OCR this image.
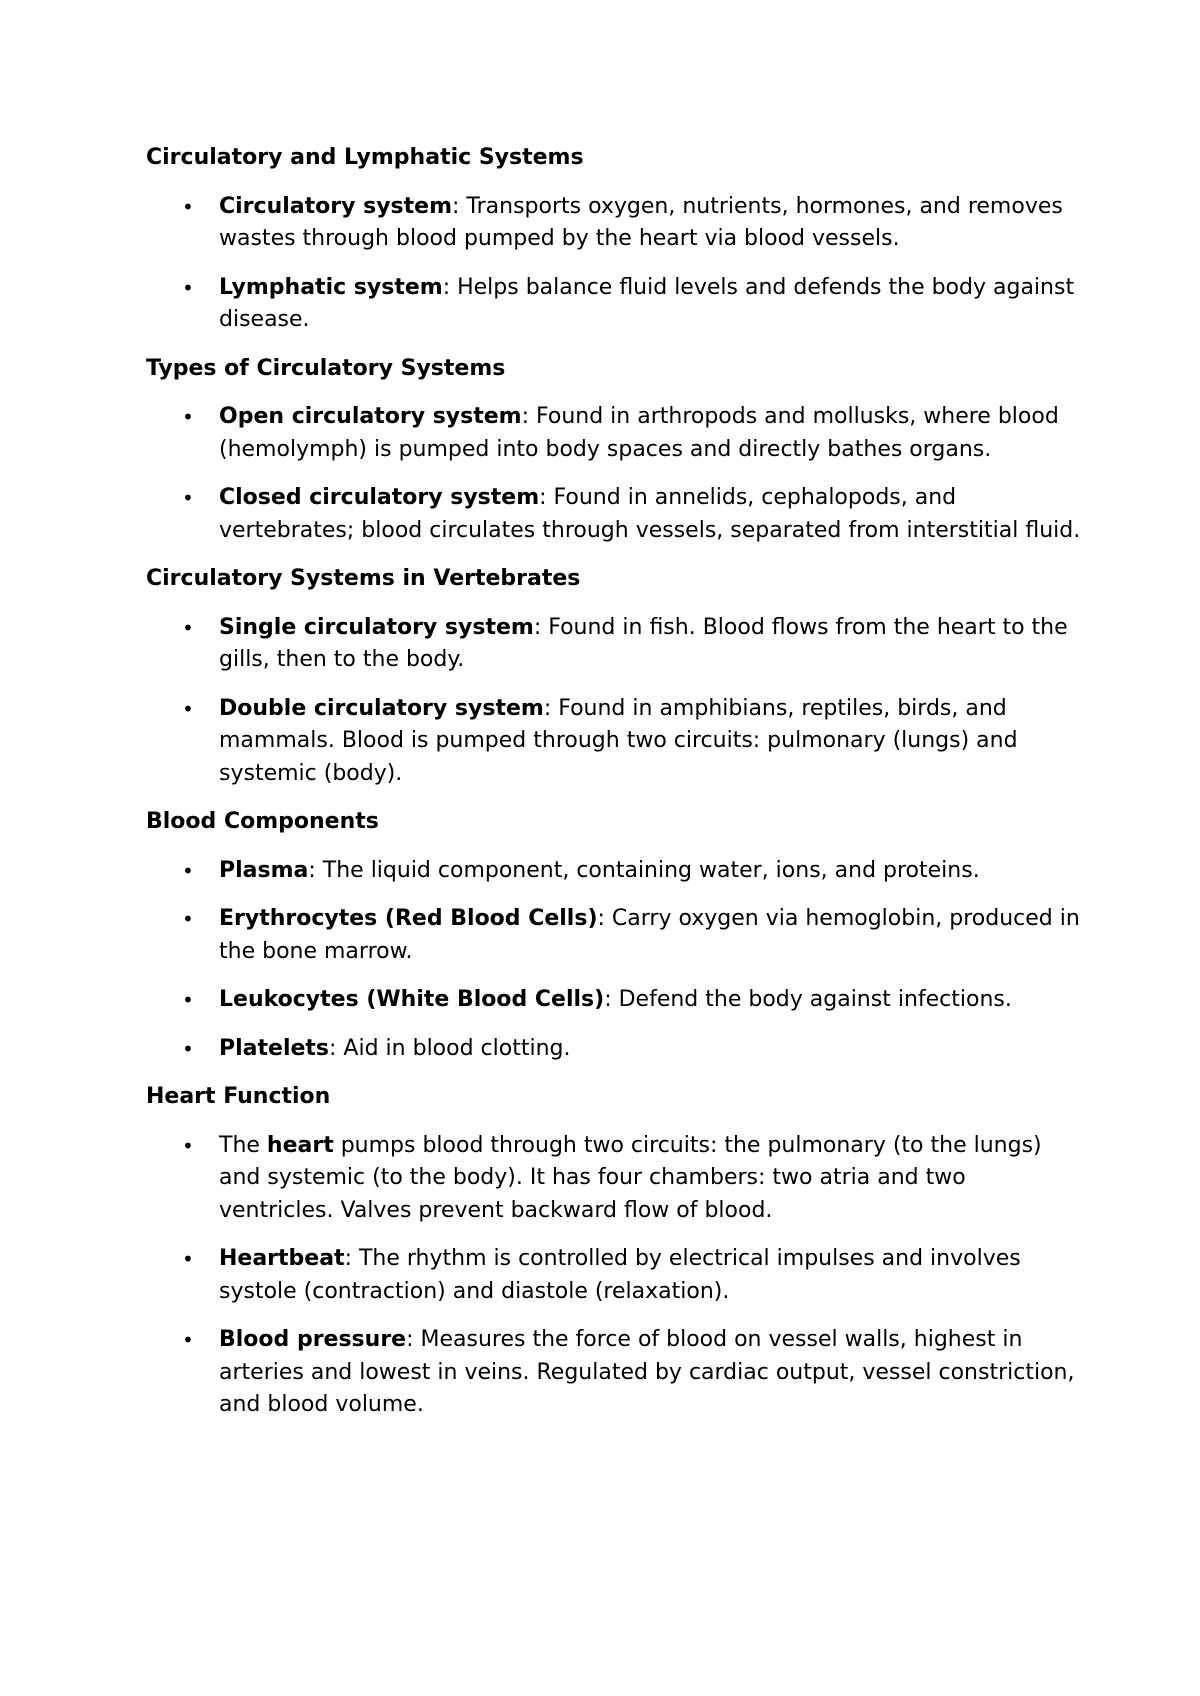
Circulatory and Lymphatic Systems
• Circulatory system: Transports oxygen, nutrients, hormones, and removes wastes through blood pumped by the heart via blood vessels.
• Lymphatic system: Helps balance fluid levels and defends the body against disease.
Types of Circulatory Systems
• Open circulatory system: Found in arthropods and mollusks, where blood (hemolymph) is pumped into body spaces and directly bathes organs.
• Closed circulatory system: Found in annelids, cephalopods, and vertebrates; blood circulates through vessels, separated from interstitial fluid.
Circulatory Systems in Vertebrates
• Single circulatory system: Found in fish. Blood flows from the heart to the gills, then to the body.
• Double circulatory system: Found in amphibians, reptiles, birds, and mammals. Blood is pumped through two circuits: pulmonary (lungs) and systemic (body).
Blood Components
• Plasma: The liquid component, containing water, ions, and proteins.
• Erythrocytes (Red Blood Cells): Carry oxygen via hemoglobin, produced in the bone marrow.
• Leukocytes (White Blood Cells): Defend the body against infections.
• Platelets: Aid in blood clotting.
Heart Function
• The heart pumps blood through two circuits: the pulmonary (to the lungs) and systemic (to the body). It has four chambers: two atria and two ventricles. Valves prevent backward flow of blood.
• Heartbeat: The rhythm is controlled by electrical impulses and involves systole (contraction) and diastole (relaxation).
• Blood pressure: Measures the force of blood on vessel walls, highest in arteries and lowest in veins. Regulated by cardiac output, vessel constriction, and blood volume.
